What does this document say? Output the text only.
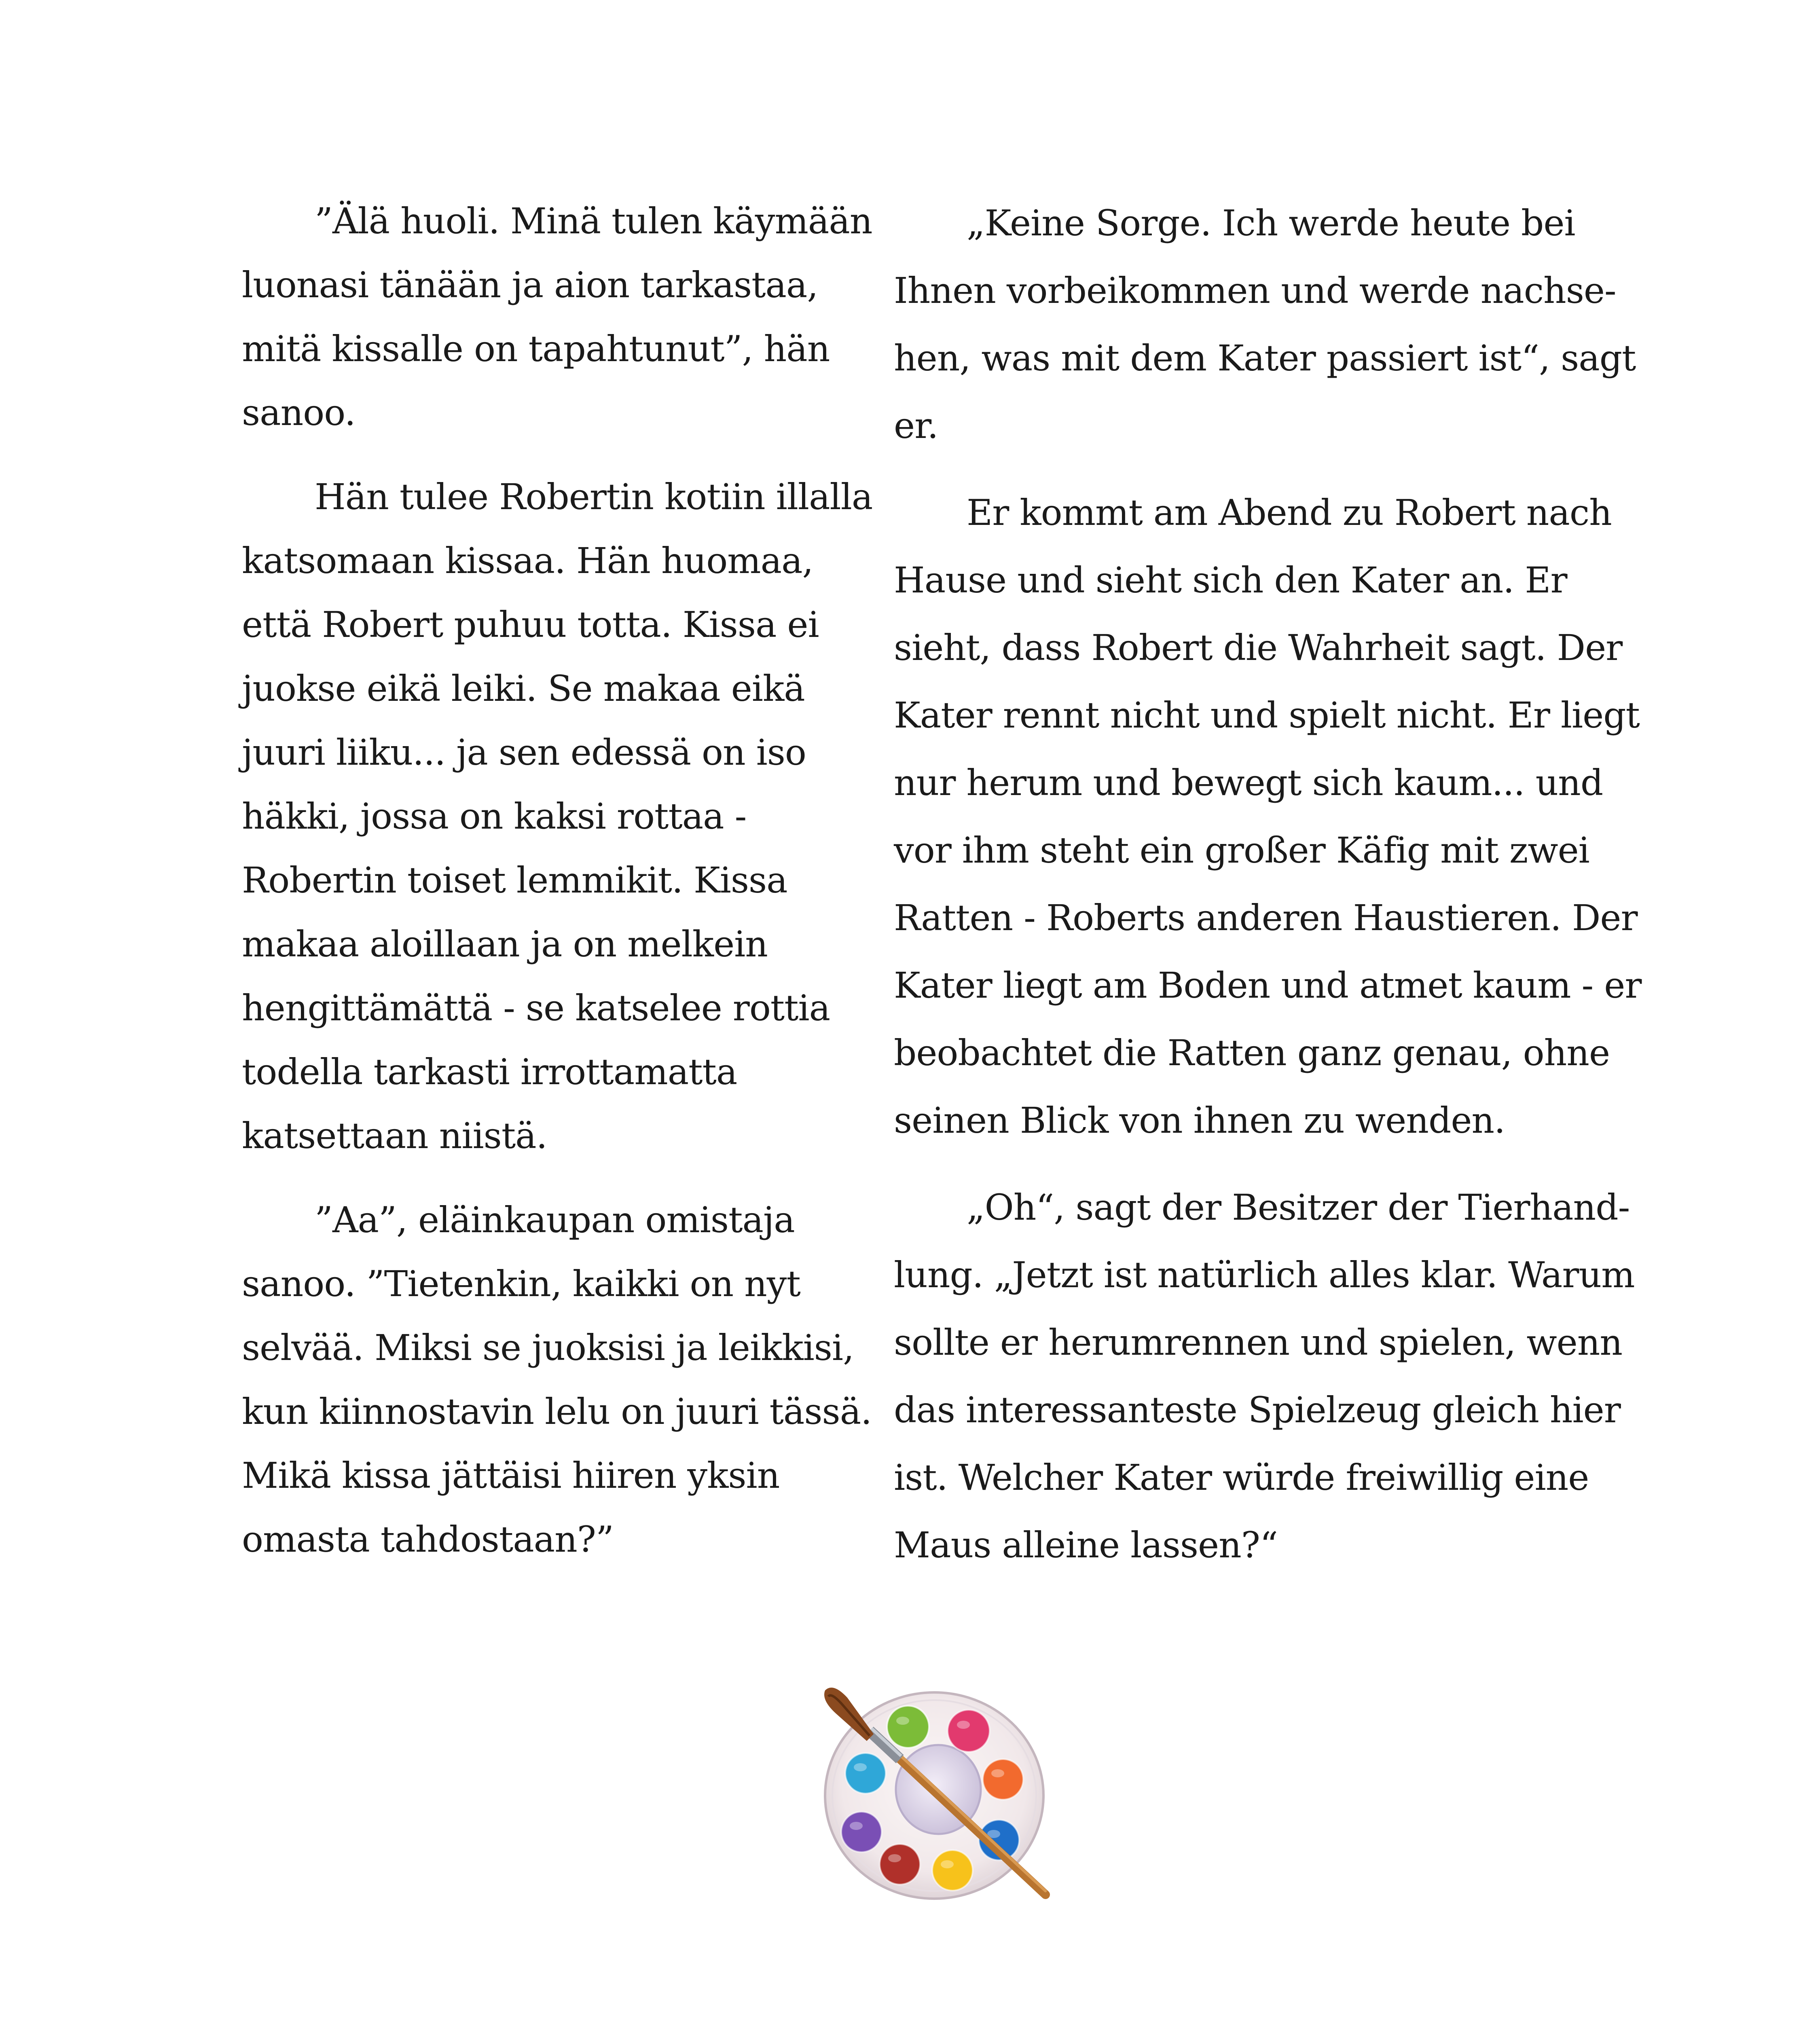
”Älä huoli. Minä tulen käymään
luonasi tänään ja aion tarkastaa,
mitä kissalle on tapahtunut”, hän
sanoo.

Hän tulee Robertin kotiin illalla
katsomaan kissaa. Hän huomaa,
että Robert puhuu totta. Kissa ei
juokse eikä leiki. Se makaa eikä
juuri liiku... ja sen edessä on iso
häkki, jossa on kaksi rottaa -
Robertin toiset lemmikit. Kissa
makaa aloillaan ja on melkein
hengittämättä - se katselee rottia
todella tarkasti irrottamatta
katsettaan niistä.

”Aa”, eläinkaupan omistaja
sanoo. ”Tietenkin, kaikki on nyt
selvää. Miksi se juoksisi ja leikkisi,
kun kiinnostavin lelu on juuri tässä.
Mikä kissa jättäisi hiiren yksin
omasta tahdostaan?”

„Keine Sorge. Ich werde heute bei
Ihnen vorbeikommen und werde nachse-
hen, was mit dem Kater passiert ist“, sagt
er.

Er kommt am Abend zu Robert nach
Hause und sieht sich den Kater an. Er
sieht, dass Robert die Wahrheit sagt. Der
Kater rennt nicht und spielt nicht. Er liegt
nur herum und bewegt sich kaum... und
vor ihm steht ein großer Käfig mit zwei
Ratten - Roberts anderen Haustieren. Der
Kater liegt am Boden und atmet kaum - er
beobachtet die Ratten ganz genau, ohne
seinen Blick von ihnen zu wenden.

„Oh“, sagt der Besitzer der Tierhand-
lung. „Jetzt ist natürlich alles klar. Warum
sollte er herumrennen und spielen, wenn
das interessanteste Spielzeug gleich hier
ist. Welcher Kater würde freiwillig eine
Maus alleine lassen?“
